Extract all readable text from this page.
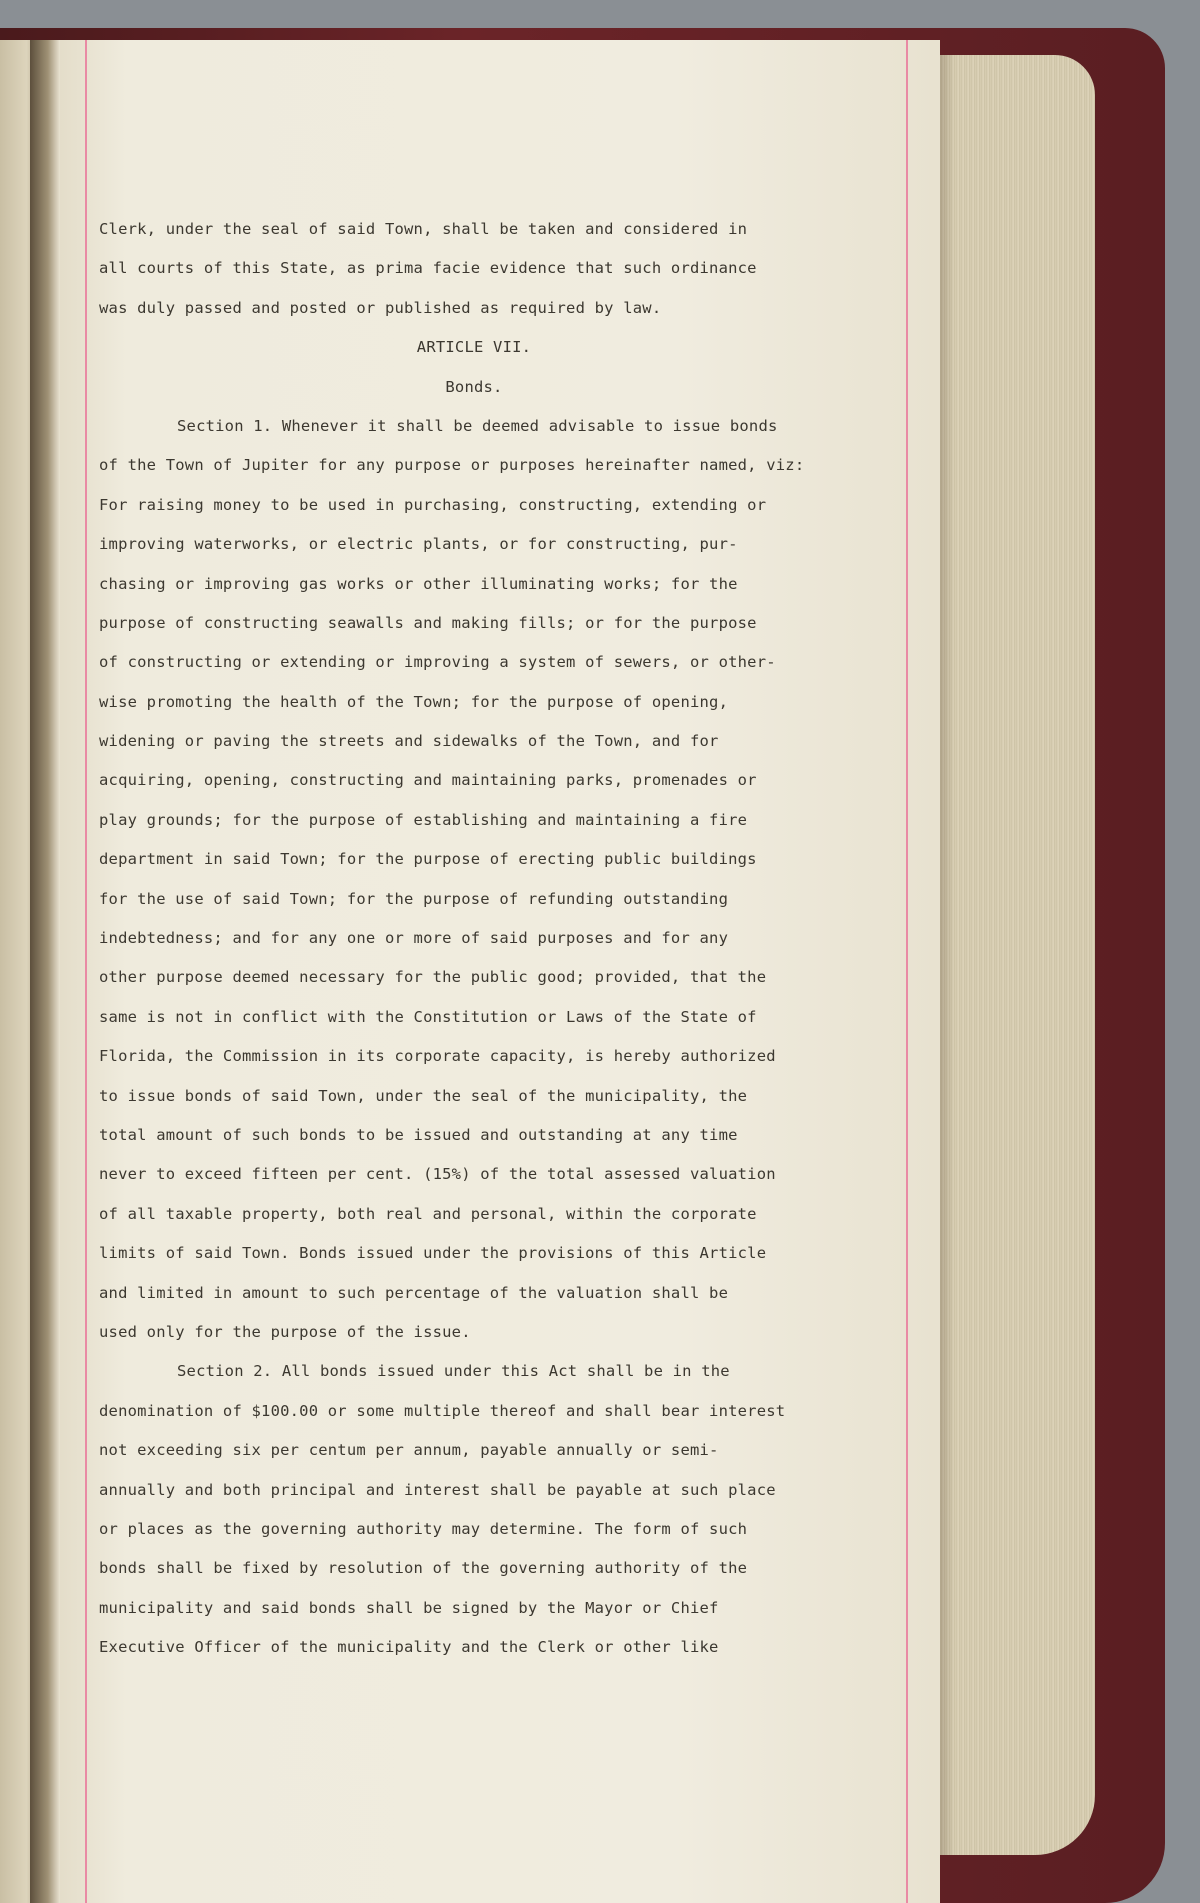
Clerk, under the seal of said Town, shall be taken and considered in
all courts of this State, as prima facie evidence that such ordinance
was duly passed and posted or published as required by law.
ARTICLE VII.
Bonds.
Section 1. Whenever it shall be deemed advisable to issue bonds
of the Town of Jupiter for any purpose or purposes hereinafter named, viz:
For raising money to be used in purchasing, constructing, extending or
improving waterworks, or electric plants, or for constructing, pur-
chasing or improving gas works or other illuminating works; for the
purpose of constructing seawalls and making fills; or for the purpose
of constructing or extending or improving a system of sewers, or other-
wise promoting the health of the Town; for the purpose of opening,
widening or paving the streets and sidewalks of the Town, and for
acquiring, opening, constructing and maintaining parks, promenades or
play grounds; for the purpose of establishing and maintaining a fire
department in said Town; for the purpose of erecting public buildings
for the use of said Town; for the purpose of refunding outstanding
indebtedness; and for any one or more of said purposes and for any
other purpose deemed necessary for the public good; provided, that the
same is not in conflict with the Constitution or Laws of the State of
Florida, the Commission in its corporate capacity, is hereby authorized
to issue bonds of said Town, under the seal of the municipality, the
total amount of such bonds to be issued and outstanding at any time
never to exceed fifteen per cent. (15%) of the total assessed valuation
of all taxable property, both real and personal, within the corporate
limits of said Town. Bonds issued under the provisions of this Article
and limited in amount to such percentage of the valuation shall be
used only for the purpose of the issue.
Section 2. All bonds issued under this Act shall be in the
denomination of $100.00 or some multiple thereof and shall bear interest
not exceeding six per centum per annum, payable annually or semi-
annually and both principal and interest shall be payable at such place
or places as the governing authority may determine. The form of such
bonds shall be fixed by resolution of the governing authority of the
municipality and said bonds shall be signed by the Mayor or Chief
Executive Officer of the municipality and the Clerk or other like
